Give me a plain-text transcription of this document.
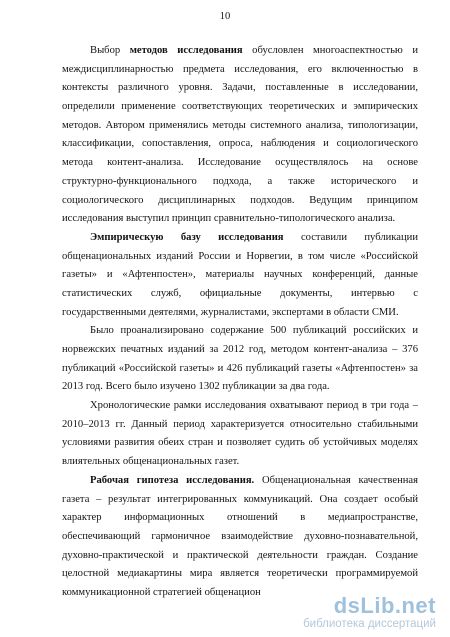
10
Выбор методов исследования обусловлен многоаспектностью и
междисциплинарностью предмета исследования, его включенностью в
контексты различного уровня. Задачи, поставленные в исследовании,
определили применение соответствующих теоретических и эмпирических
методов. Автором применялись методы системного анализа, типологизации,
классификации, сопоставления, опроса, наблюдения и социологического
метода контент-анализа. Исследование осуществлялось на основе
структурно-функционального подхода, а также исторического и
социологического дисциплинарных подходов. Ведущим принципом
исследования выступил принцип сравнительно-типологического анализа.
Эмпирическую базу исследования составили публикации
общенациональных изданий России и Норвегии, в том числе «Российской
газеты» и «Афтенпостен», материалы научных конференций, данные
статистических служб, официальные документы, интервью с
государственными деятелями, журналистами, экспертами в области СМИ.
Было проанализировано содержание 500 публикаций российских и
норвежских печатных изданий за 2012 год, методом контент-анализа – 376
публикаций «Российской газеты» и 426 публикаций газеты «Афтенпостен» за
2013 год. Всего было изучено 1302 публикации за два года.
Хронологические рамки исследования охватывают период в три года –
2010–2013 гг. Данный период характеризуется относительно стабильными
условиями развития обеих стран и позволяет судить об устойчивых моделях
влиятельных общенациональных газет.
Рабочая гипотеза исследования. Общенациональная качественная
газета – результат интегрированных коммуникаций. Она создает особый
характер информационных отношений в медиапространстве,
обеспечивающий гармоничное взаимодействие духовно-познавательной,
духовно-практической и практической деятельности граждан. Создание
целостной медиакартины мира является теоретически программируемой
коммуникационной стратегией общенацион
dsLib.net
библиотека диссертаций
